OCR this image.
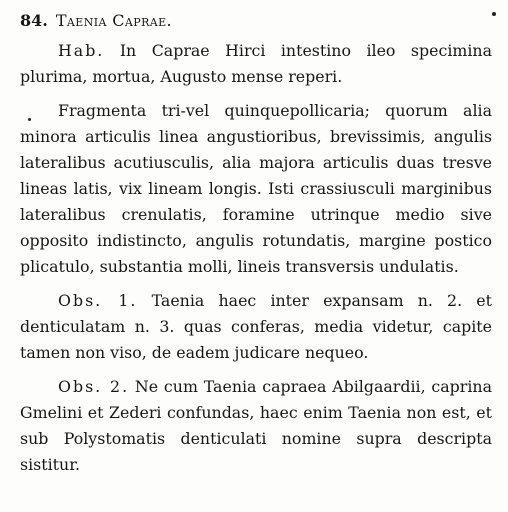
84. Taenia Caprae.

Hab. In Caprae Hirci intestino ileo specimina plurima, mortua, Augusto mense reperi.

Fragmenta tri-vel quinquepollicaria; quorum alia minora articulis linea angustioribus, brevissimis, angulis lateralibus acutiusculis, alia majora articulis duas tresve lineas latis, vix lineam longis. Isti crassiusculi marginibus lateralibus crenulatis, foramine utrinque medio sive opposito indistincto, angulis rotundatis, margine postico plicatulo, substantia molli, lineis transversis undulatis.

Obs. 1. Taenia haec inter expansam n. 2. et denticulatam n. 3. quas conferas, media videtur, capite tamen non viso, de eadem judicare nequeo.

Obs. 2. Ne cum Taenia capraea Abilgaardii, caprina Gmelini et Zederi confundas, haec enim Taenia non est, et sub Polystomatis denticulati nomine supra descripta sistitur.
